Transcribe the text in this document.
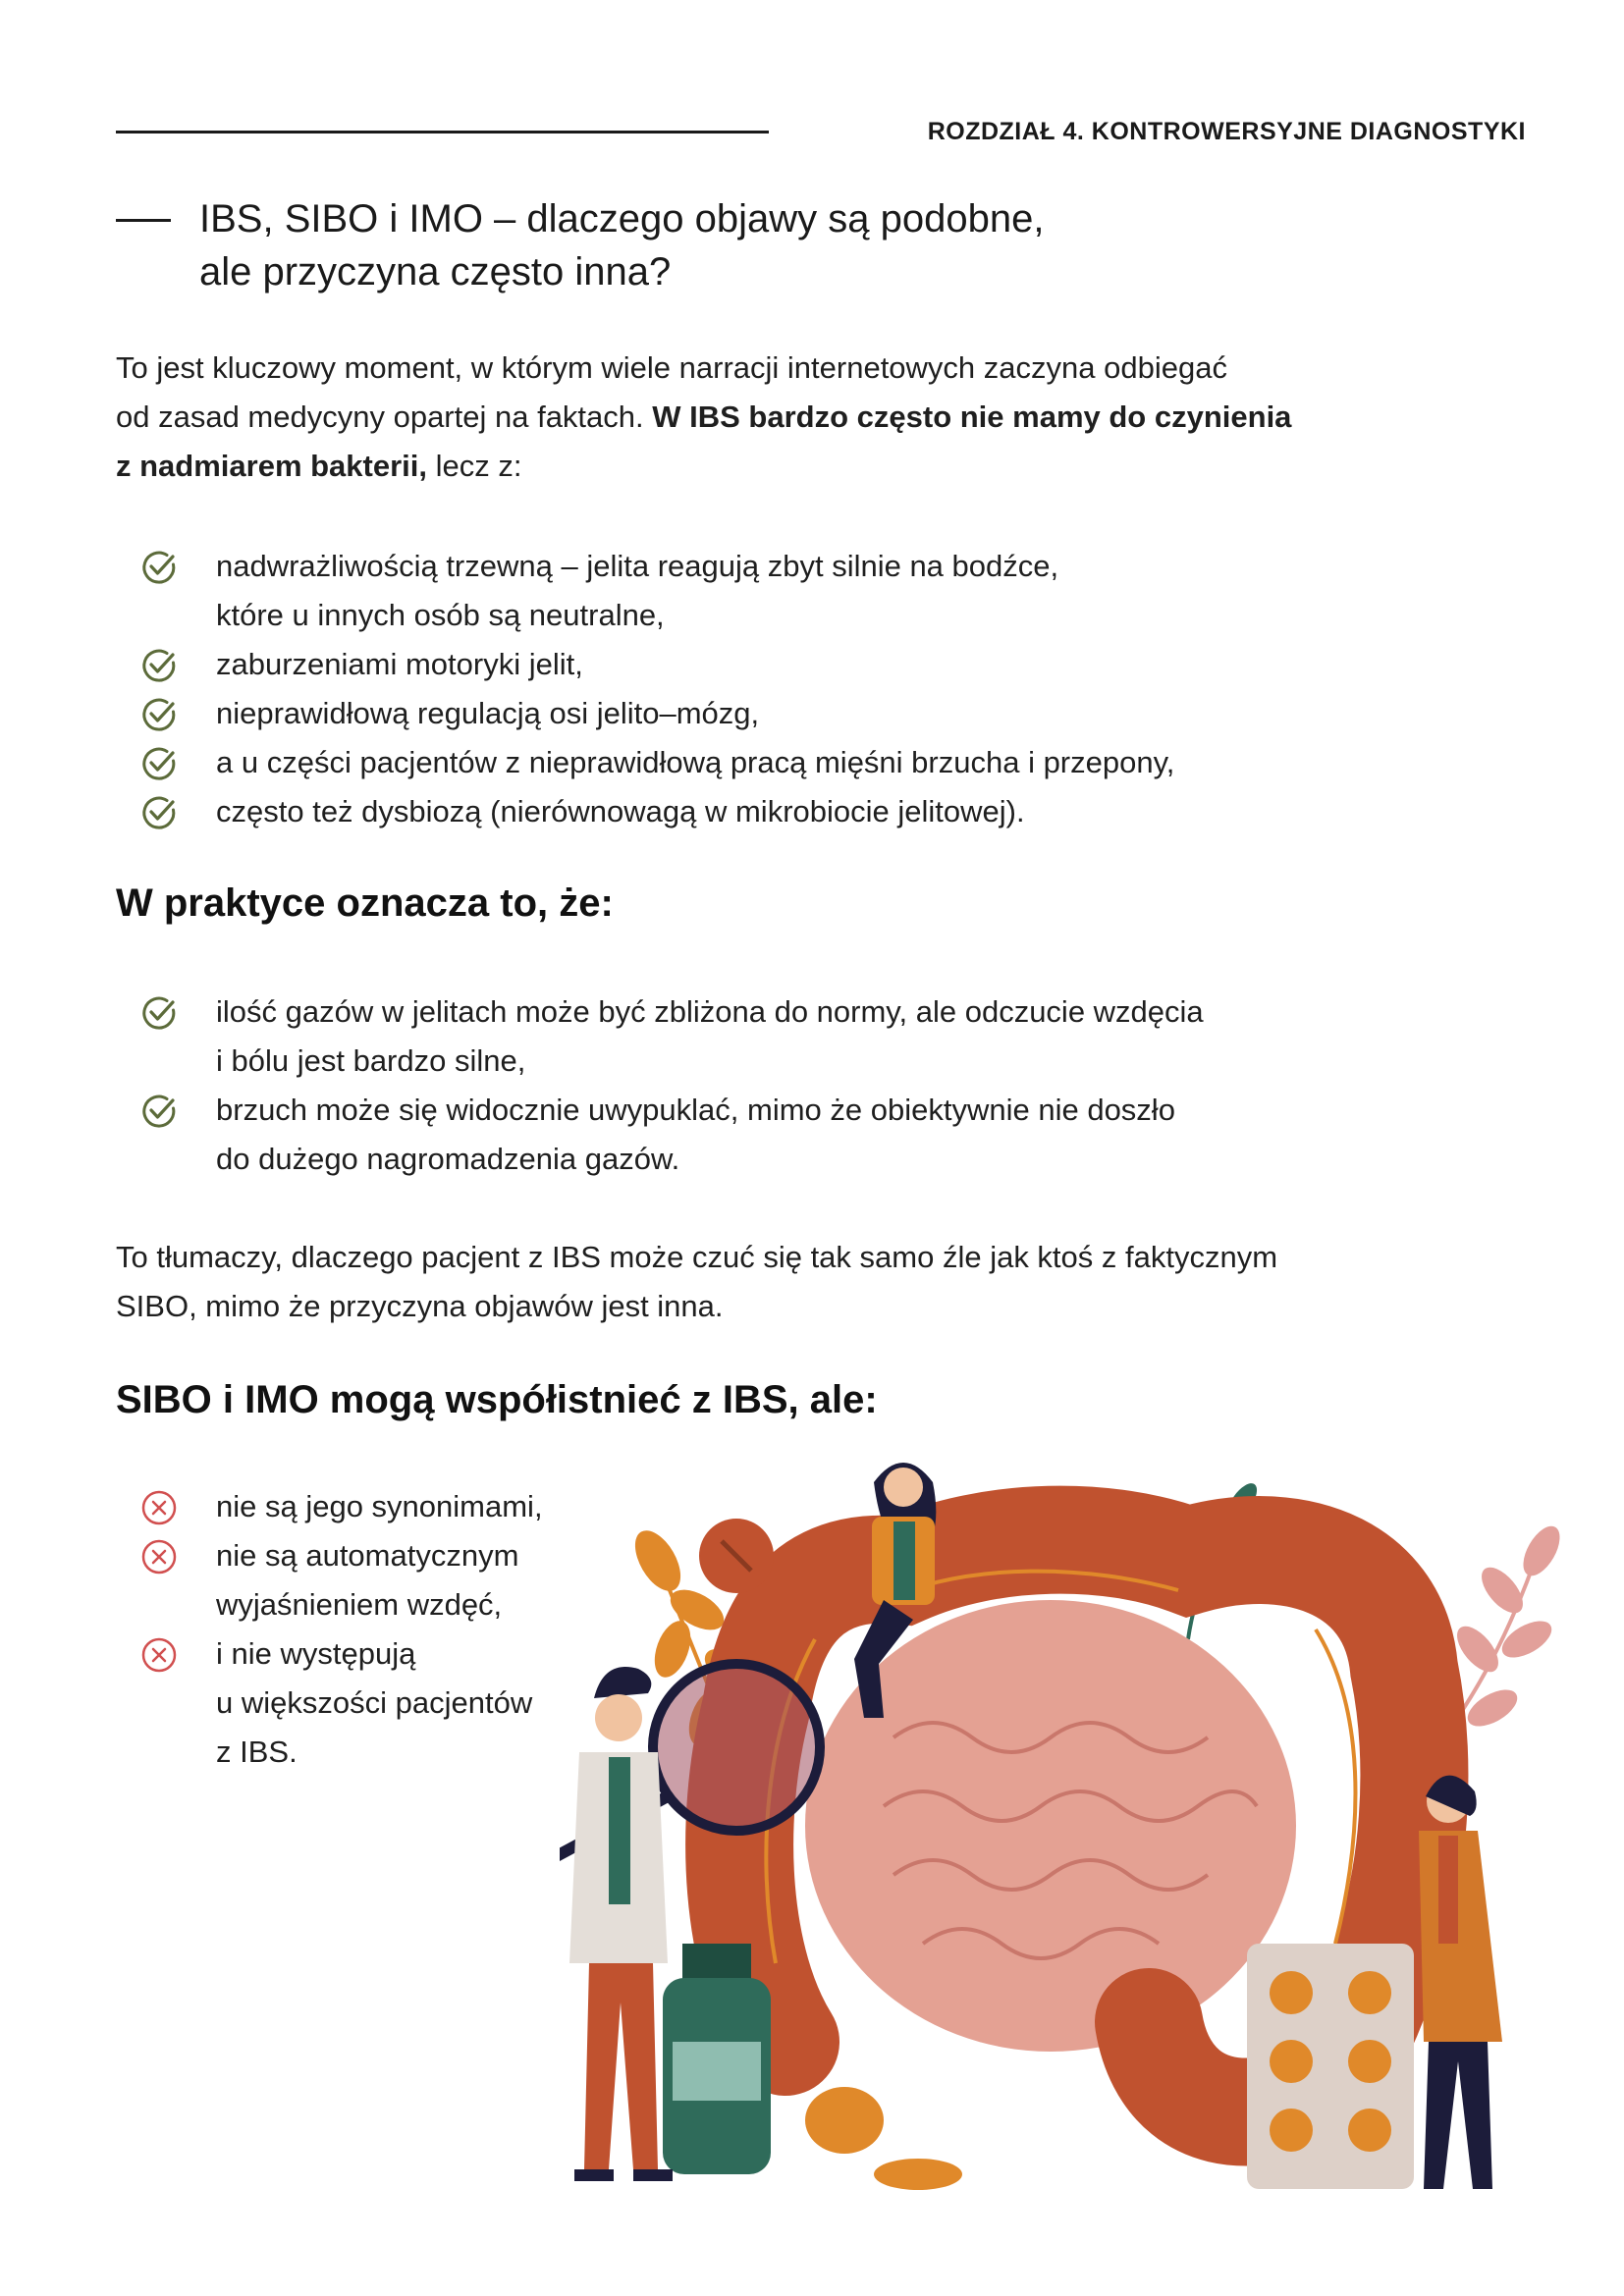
ROZDZIAŁ 4. KONTROWERSYJNE DIAGNOSTYKI
IBS, SIBO i IMO – dlaczego objawy są podobne,
ale przyczyna często inna?
To jest kluczowy moment, w którym wiele narracji internetowych zaczyna odbiegać
od zasad medycyny opartej na faktach. W IBS bardzo często nie mamy do czynienia
z nadmiarem bakterii, lecz z:
nadwrażliwością trzewną – jelita reagują zbyt silnie na bodźce,
które u innych osób są neutralne,
zaburzeniami motoryki jelit,
nieprawidłową regulacją osi jelito–mózg,
a u części pacjentów z nieprawidłową pracą mięśni brzucha i przepony,
często też dysbiozą (nierównowagą w mikrobiocie jelitowej).
W praktyce oznacza to, że:
ilość gazów w jelitach może być zbliżona do normy, ale odczucie wzdęcia
i bólu jest bardzo silne,
brzuch może się widocznie uwypuklać, mimo że obiektywnie nie doszło
do dużego nagromadzenia gazów.
To tłumaczy, dlaczego pacjent z IBS może czuć się tak samo źle jak ktoś z faktycznym
SIBO, mimo że przyczyna objawów jest inna.
SIBO i IMO mogą współistnieć z IBS, ale:
nie są jego synonimami,
nie są automatycznym
wyjaśnieniem wzdęć,
i nie występują
u większości pacjentów
z IBS.
